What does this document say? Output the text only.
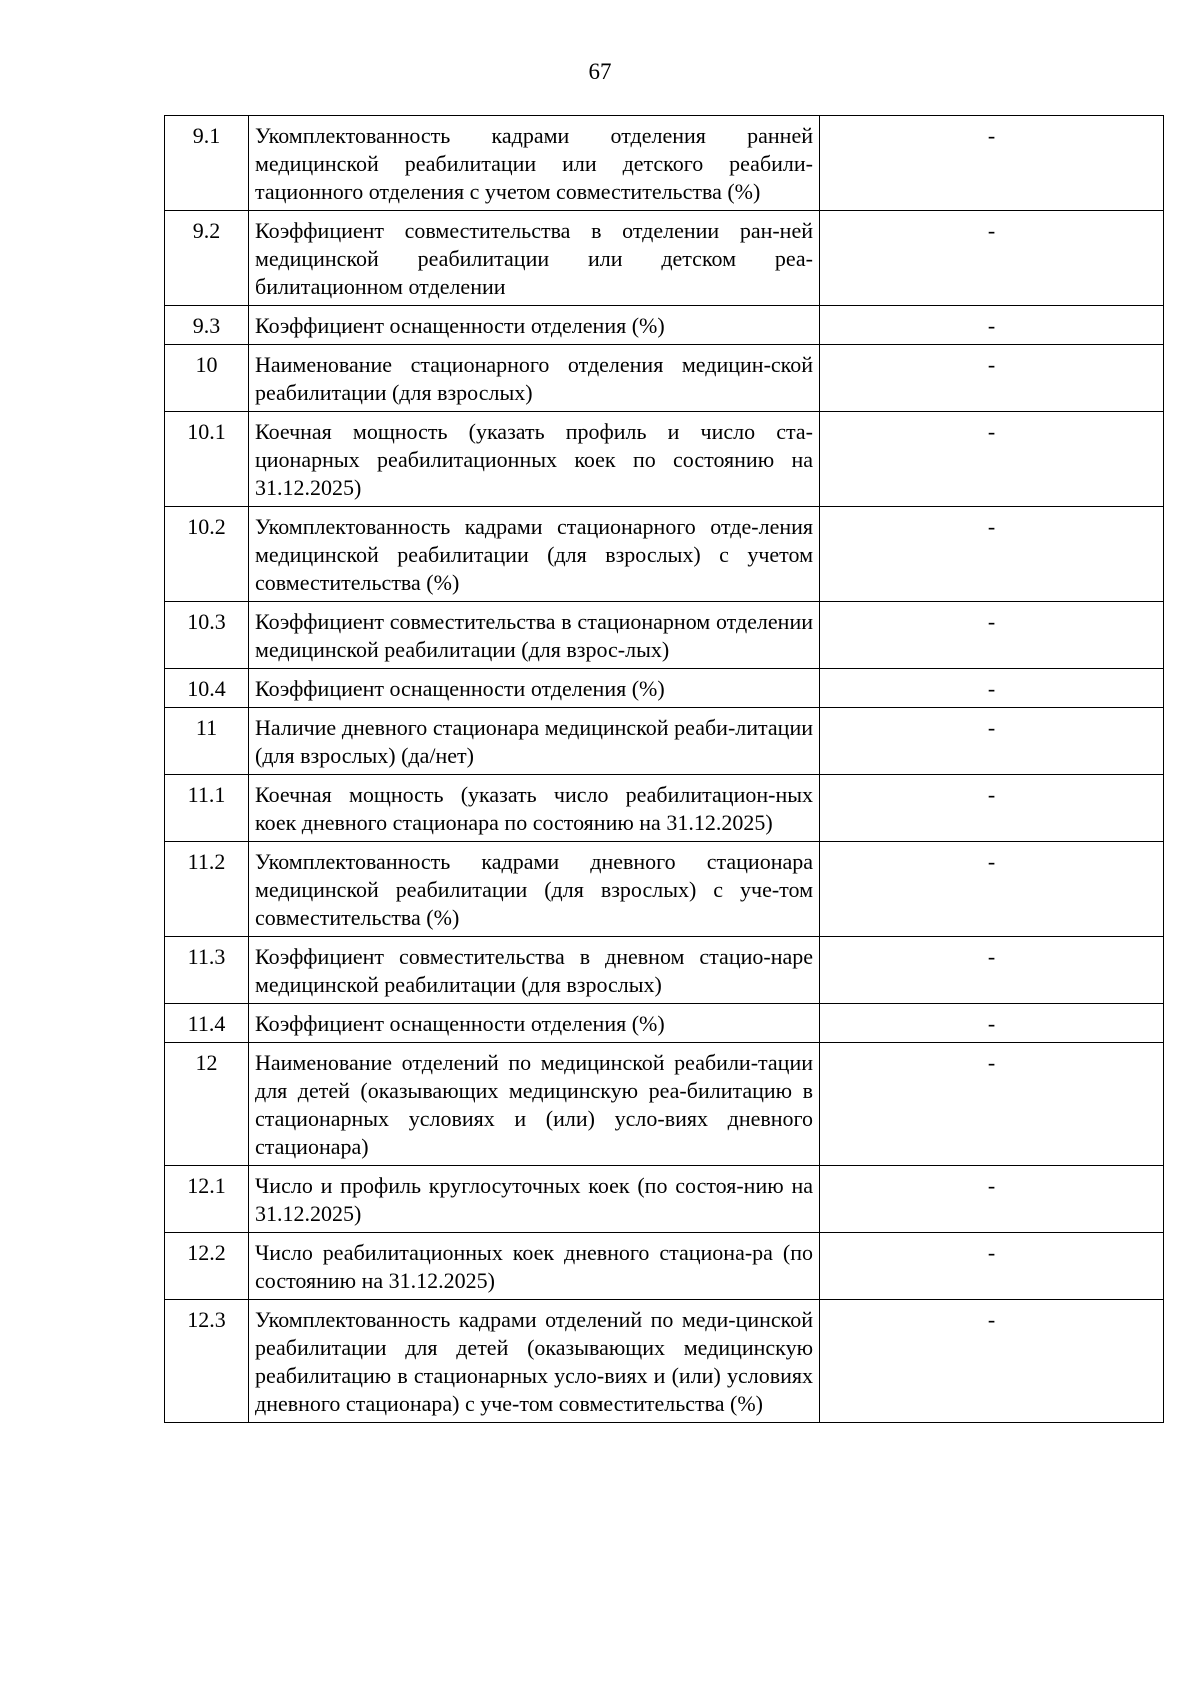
67
9.1	Укомплектованность кадрами отделения ранней медицинской реабилитации или детского реабили-тационного отделения с учетом совместительства (%)	-
9.2	Коэффициент совместительства в отделении ран-ней медицинской реабилитации или детском реа-билитационном отделении	-
9.3	Коэффициент оснащенности отделения (%)	-
10	Наименование стационарного отделения медицин-ской реабилитации (для взрослых)	-
10.1	Коечная мощность (указать профиль и число ста-ционарных реабилитационных коек по состоянию на 31.12.2025)	-
10.2	Укомплектованность кадрами стационарного отде-ления медицинской реабилитации (для взрослых) с учетом совместительства (%)	-
10.3	Коэффициент совместительства в стационарном отделении медицинской реабилитации (для взрос-лых)	-
10.4	Коэффициент оснащенности отделения (%)	-
11	Наличие дневного стационара медицинской реаби-литации (для взрослых) (да/нет)	-
11.1	Коечная мощность (указать число реабилитацион-ных коек дневного стационара по состоянию на 31.12.2025)	-
11.2	Укомплектованность кадрами дневного стационара медицинской реабилитации (для взрослых) с уче-том совместительства (%)	-
11.3	Коэффициент совместительства в дневном стацио-наре медицинской реабилитации (для взрослых)	-
11.4	Коэффициент оснащенности отделения (%)	-
12	Наименование отделений по медицинской реабили-тации для детей (оказывающих медицинскую реа-билитацию в стационарных условиях и (или) усло-виях дневного стационара)	-
12.1	Число и профиль круглосуточных коек (по состоя-нию на 31.12.2025)	-
12.2	Число реабилитационных коек дневного стациона-ра (по состоянию на 31.12.2025)	-
12.3	Укомплектованность кадрами отделений по меди-цинской реабилитации для детей (оказывающих медицинскую реабилитацию в стационарных усло-виях и (или) условиях дневного стационара) с уче-том совместительства (%)	-
